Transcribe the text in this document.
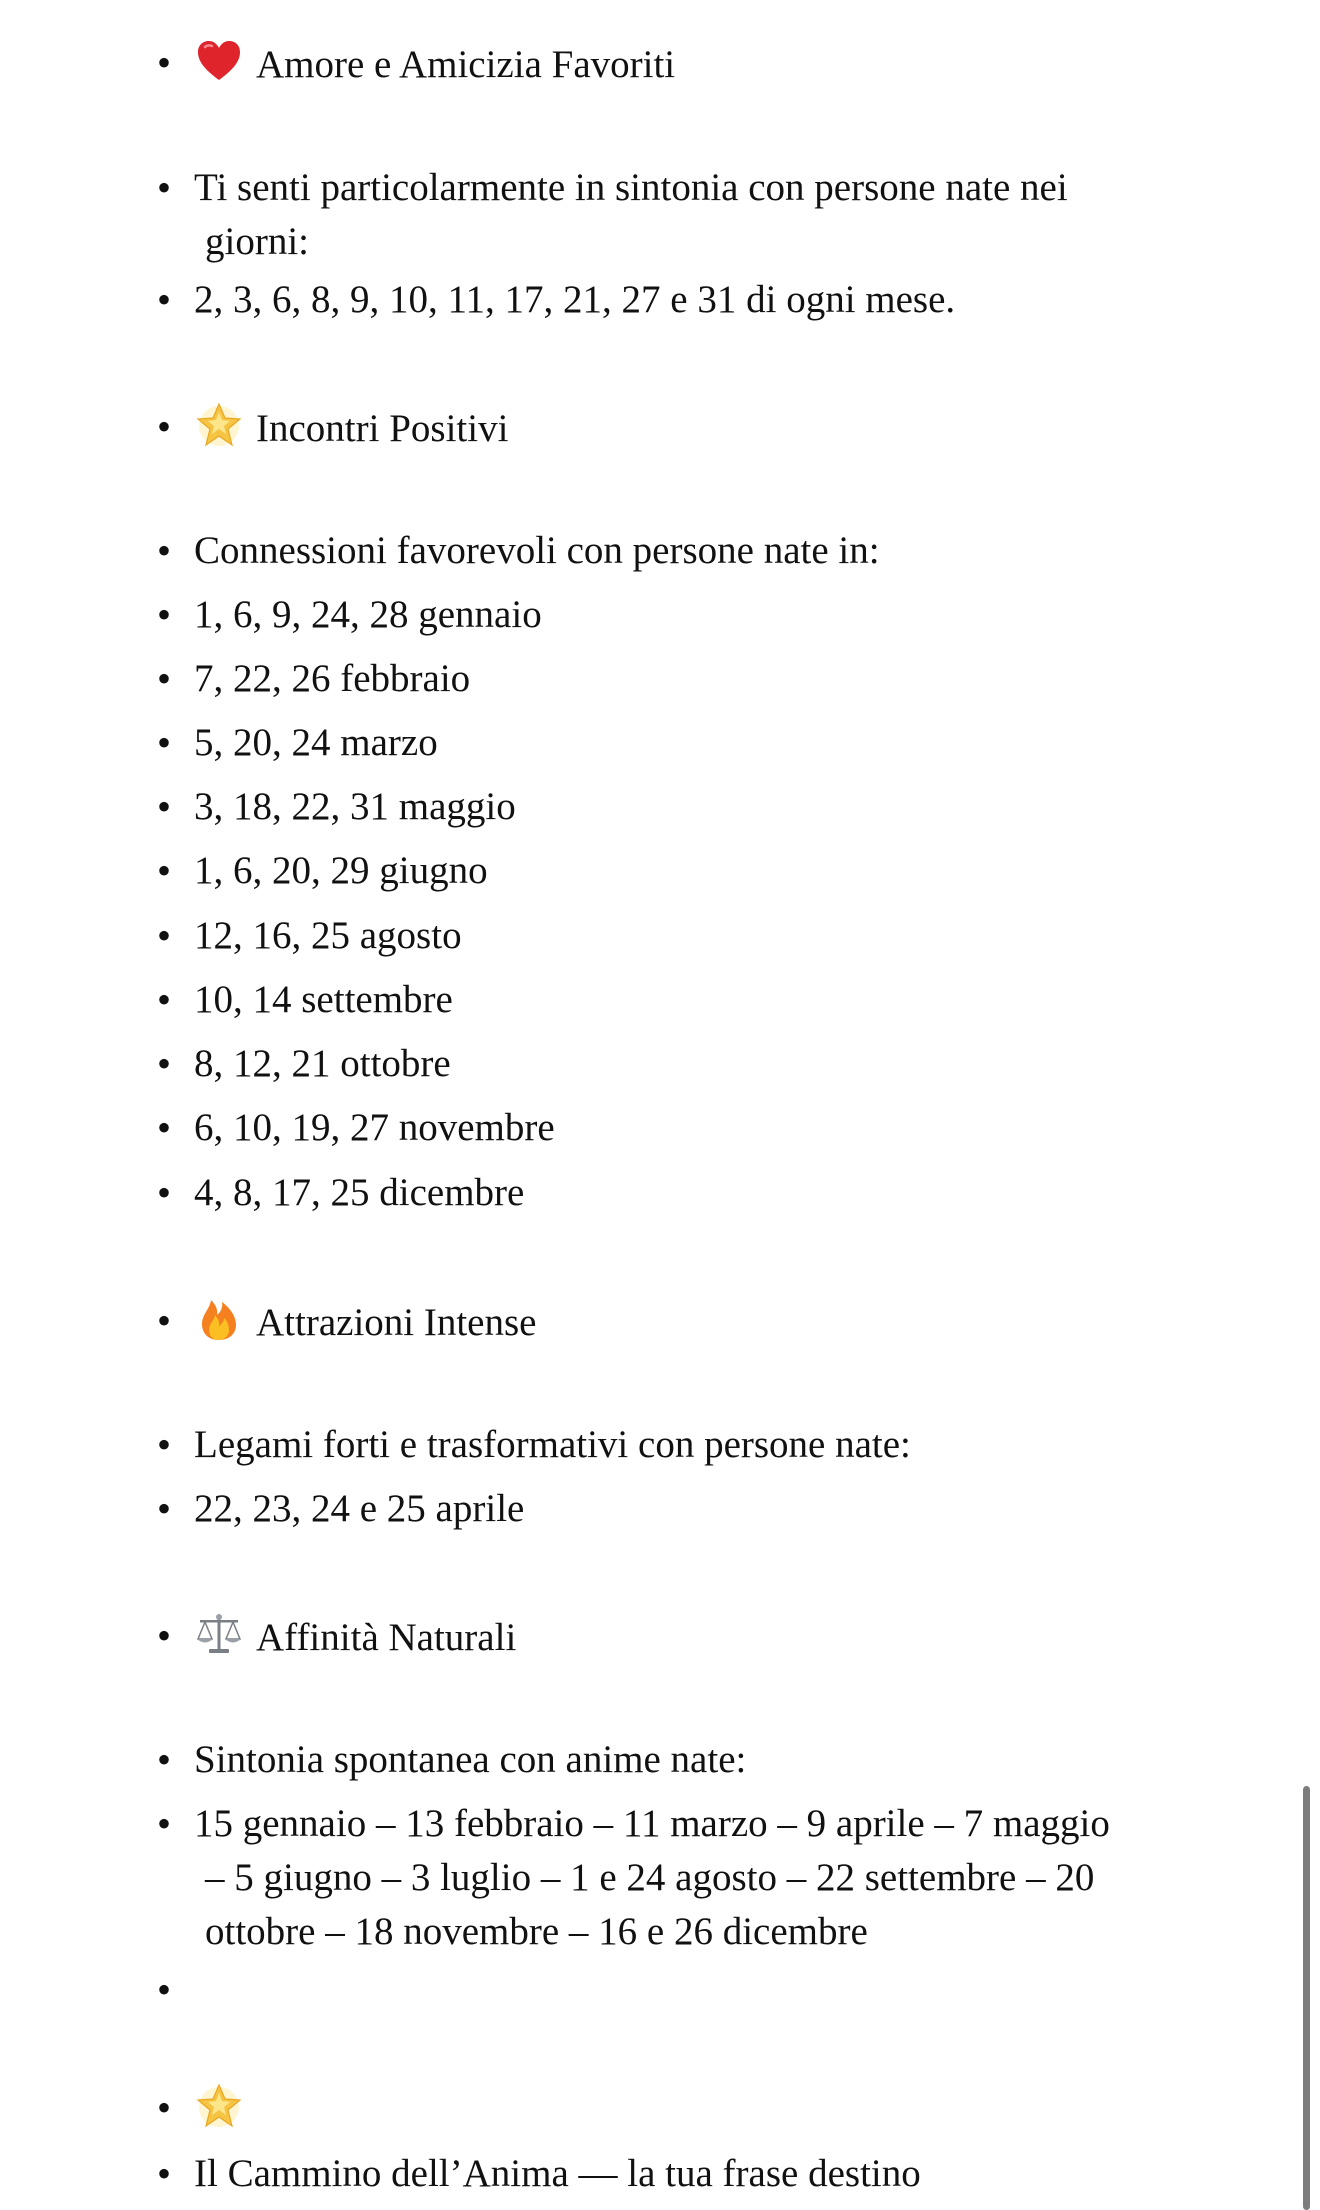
•	Amore e Amicizia Favoriti
• Ti senti particolarmente in sintonia con persone nate nei
giorni:
• 2, 3, 6, 8, 9, 10, 11, 17, 21, 27 e 31 di ogni mese.
•	Incontri Positivi
• Connessioni favorevoli con persone nate in:
• 1, 6, 9, 24, 28 gennaio
• 7, 22, 26 febbraio
• 5, 20, 24 marzo
• 3, 18, 22, 31 maggio
• 1, 6, 20, 29 giugno
• 12, 16, 25 agosto
• 10, 14 settembre
• 8, 12, 21 ottobre
• 6, 10, 19, 27 novembre
• 4, 8, 17, 25 dicembre
•	Attrazioni Intense
• Legami forti e trasformativi con persone nate:
• 22, 23, 24 e 25 aprile
•	Affinità Naturali
• Sintonia spontanea con anime nate:
• 15 gennaio – 13 febbraio – 11 marzo – 9 aprile – 7 maggio
– 5 giugno – 3 luglio – 1 e 24 agosto – 22 settembre – 20
ottobre – 18 novembre – 16 e 26 dicembre
•
•
• Il Cammino dell’Anima — la tua frase destino
